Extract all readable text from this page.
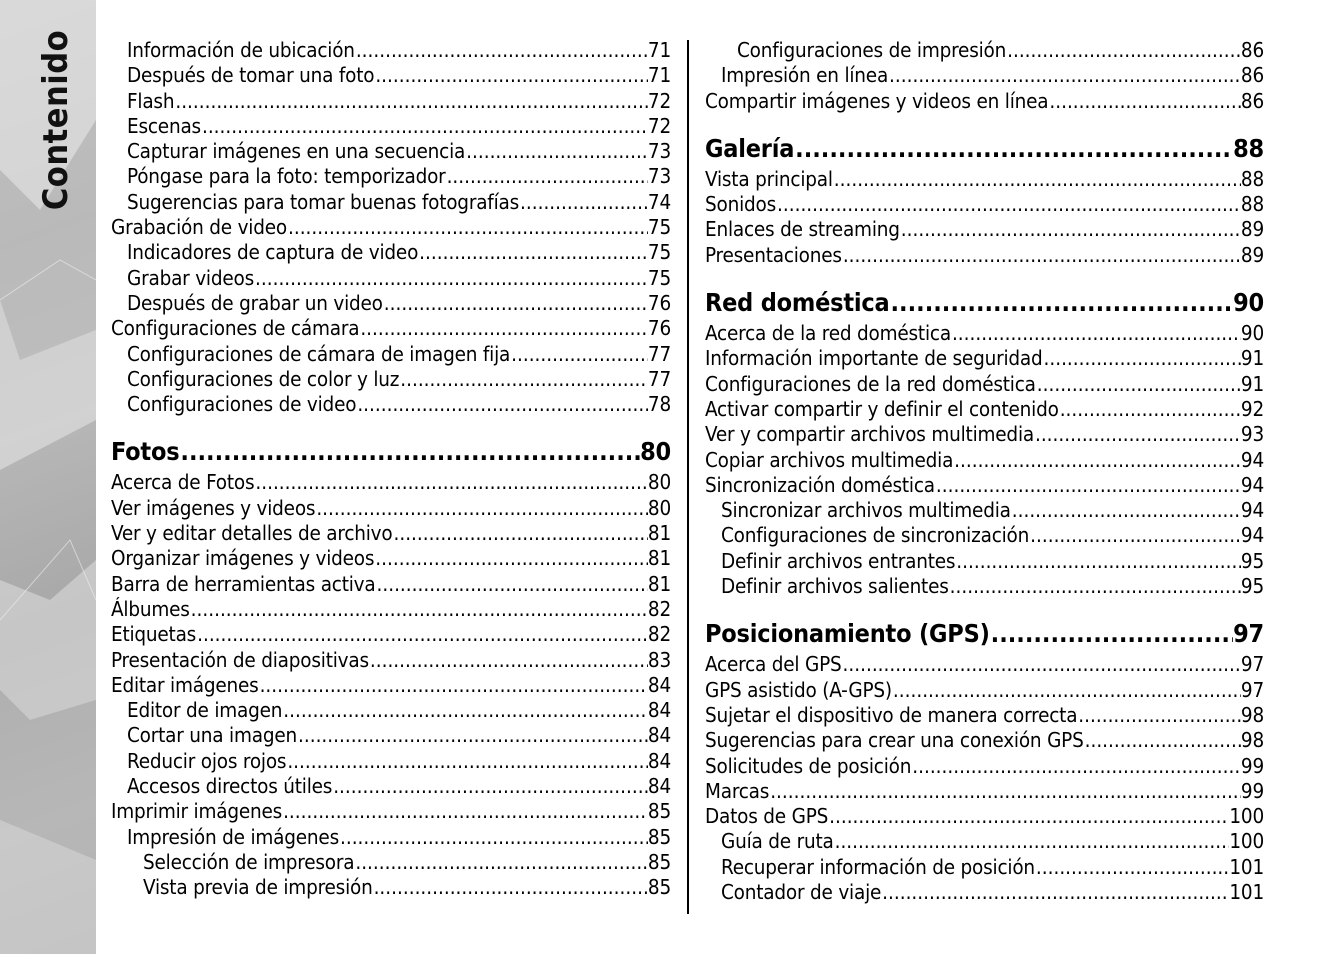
Contenido Información de ubicación .....	71
Después de tomar una foto .....	71
Flash .....	72
Escenas .....	72
Capturar imágenes en una secuencia .....	73
Póngase para la foto: temporizador .....	73
Sugerencias para tomar buenas fotografías .....	74
Grabación de video .....	75
Indicadores de captura de video .....	75
Grabar videos .....	75
Después de grabar un video .....	76
Configuraciones de cámara .....	76
Configuraciones de cámara de imagen fija .....	77
Configuraciones de color y luz .....	77
Configuraciones de video .....	78
Fotos .....	80
Acerca de Fotos .....	80
Ver imágenes y videos .....	80
Ver y editar detalles de archivo .....	81
Organizar imágenes y videos .....	81
Barra de herramientas activa .....	81
Álbumes .....	82
Etiquetas .....	82
Presentación de diapositivas .....	83
Editar imágenes .....	84
Editor de imagen .....	84
Cortar una imagen .....	84
Reducir ojos rojos .....	84
Accesos directos útiles .....	84
Imprimir imágenes .....	85
Impresión de imágenes .....	85
Selección de impresora .....	85
Vista previa de impresión .....	85
Configuraciones de impresión .....	86
Impresión en línea .....	86
Compartir imágenes y videos en línea .....	86
Galería .....	88
Vista principal .....	88
Sonidos .....	88
Enlaces de streaming .....	89
Presentaciones .....	89
Red doméstica .....	90
Acerca de la red doméstica .....	90
Información importante de seguridad .....	91
Configuraciones de la red doméstica .....	91
Activar compartir y definir el contenido .....	92
Ver y compartir archivos multimedia .....	93
Copiar archivos multimedia .....	94
Sincronización doméstica .....	94
Sincronizar archivos multimedia .....	94
Configuraciones de sincronización .....	94
Definir archivos entrantes .....	95
Definir archivos salientes .....	95
Posicionamiento (GPS) .....	97
Acerca del GPS .....	97
GPS asistido (A-GPS) .....	97
Sujetar el dispositivo de manera correcta .....	98
Sugerencias para crear una conexión GPS .....	98
Solicitudes de posición .....	99
Marcas .....	99
Datos de GPS .....	100
Guía de ruta .....	100
Recuperar información de posición .....	101
Contador de viaje .....	101
